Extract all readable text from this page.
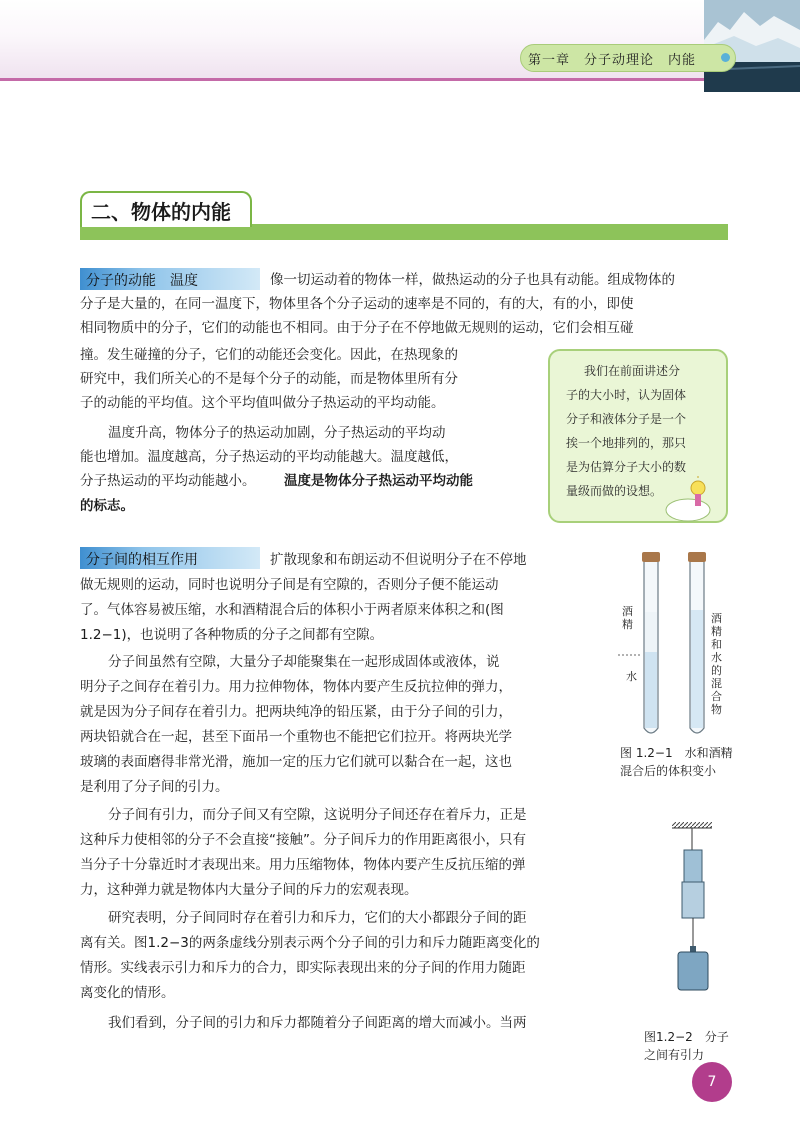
第一章　分子动理论　内能
二、物体的内能
分子的动能　温度	像一切运动着的物体一样，做热运动的分子也具有动能。组成物体的
分子是大量的，在同一温度下，物体里各个分子运动的速率是不同的，有的大，有的小，即使
相同物质中的分子，它们的动能也不相同。由于分子在不停地做无规则的运动，它们会相互碰
撞。发生碰撞的分子，它们的动能还会变化。因此，在热现象的
研究中，我们所关心的不是每个分子的动能，而是物体里所有分
子的动能的平均值。这个平均值叫做分子热运动的平均动能。
温度升高，物体分子的热运动加剧，分子热运动的平均动
能也增加。温度越高，分子热运动的平均动能越大。温度越低，
分子热运动的平均动能越小。 温度是物体分子热运动平均动能
的标志。
我们在前面讲述分
子的大小时，认为固体
分子和液体分子是一个
挨一个地排列的，那只
是为估算分子大小的数
量级而做的设想。
分子间的相互作用	扩散现象和布朗运动不但说明分子在不停地
做无规则的运动，同时也说明分子间是有空隙的，否则分子便不能运动
了。气体容易被压缩，水和酒精混合后的体积小于两者原来体积之和(图
1.2−1)，也说明了各种物质的分子之间都有空隙。
分子间虽然有空隙，大量分子却能聚集在一起形成固体或液体，说
明分子之间存在着引力。用力拉伸物体，物体内要产生反抗拉伸的弹力，
就是因为分子间存在着引力。把两块纯净的铅压紧，由于分子间的引力，
两块铅就合在一起，甚至下面吊一个重物也不能把它们拉开。将两块光学
玻璃的表面磨得非常光滑，施加一定的压力它们就可以黏合在一起，这也
是利用了分子间的引力。
分子间有引力，而分子间又有空隙，这说明分子间还存在着斥力，正是
这种斥力使相邻的分子不会直接“接触”。分子间斥力的作用距离很小，只有
当分子十分靠近时才表现出来。用力压缩物体，物体内要产生反抗压缩的弹
力，这种弹力就是物体内大量分子间的斥力的宏观表现。
研究表明，分子间同时存在着引力和斥力，它们的大小都跟分子间的距
离有关。图1.2−3的两条虚线分别表示两个分子间的引力和斥力随距离变化的
情形。实线表示引力和斥力的合力，即实际表现出来的分子间的作用力随距
离变化的情形。
我们看到，分子间的引力和斥力都随着分子间距离的增大而减小。当两
酒精
水
酒精和水的混合物
图 1.2−1　水和酒精
混合后的体积变小
图1.2−2　分子
之间有引力
7
